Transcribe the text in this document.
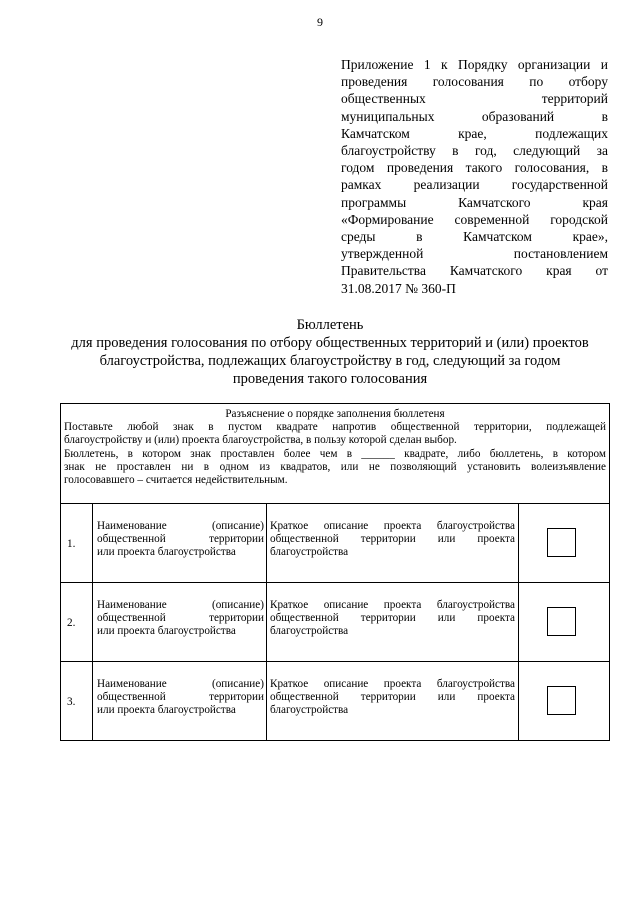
9
Приложение 1 к Порядку организации и
проведения голосования по отбору
общественных территорий
муниципальных образований в
Камчатском крае, подлежащих
благоустройству в год, следующий за
годом проведения такого голосования, в
рамках реализации государственной
программы Камчатского края
«Формирование современной городской
среды в Камчатском крае»,
утвержденной постановлением
Правительства Камчатского края от
31.08.2017 № 360-П
Бюллетень
для проведения голосования по отбору общественных территорий и (или) проектов
благоустройства, подлежащих благоустройству в год, следующий за годом
проведения такого голосования
Разъяснение о порядке заполнения бюллетеня
Поставьте любой знак в пустом квадрате напротив общественной территории, подлежащей
благоустройству и (или) проекта благоустройства, в пользу которой сделан выбор.
Бюллетень, в котором знак проставлен более чем в ______ квадрате, либо бюллетень, в котором
знак не проставлен ни в одном из квадратов, или не позволяющий установить волеизъявление
голосовавшего – считается недействительным.
1.
Наименование (описание)
общественной территории
или проекта благоустройства
Краткое описание проекта благоустройства
общественной территории или проекта
благоустройства
2.
Наименование (описание)
общественной территории
или проекта благоустройства
Краткое описание проекта благоустройства
общественной территории или проекта
благоустройства
3.
Наименование (описание)
общественной территории
или проекта благоустройства
Краткое описание проекта благоустройства
общественной территории или проекта
благоустройства
